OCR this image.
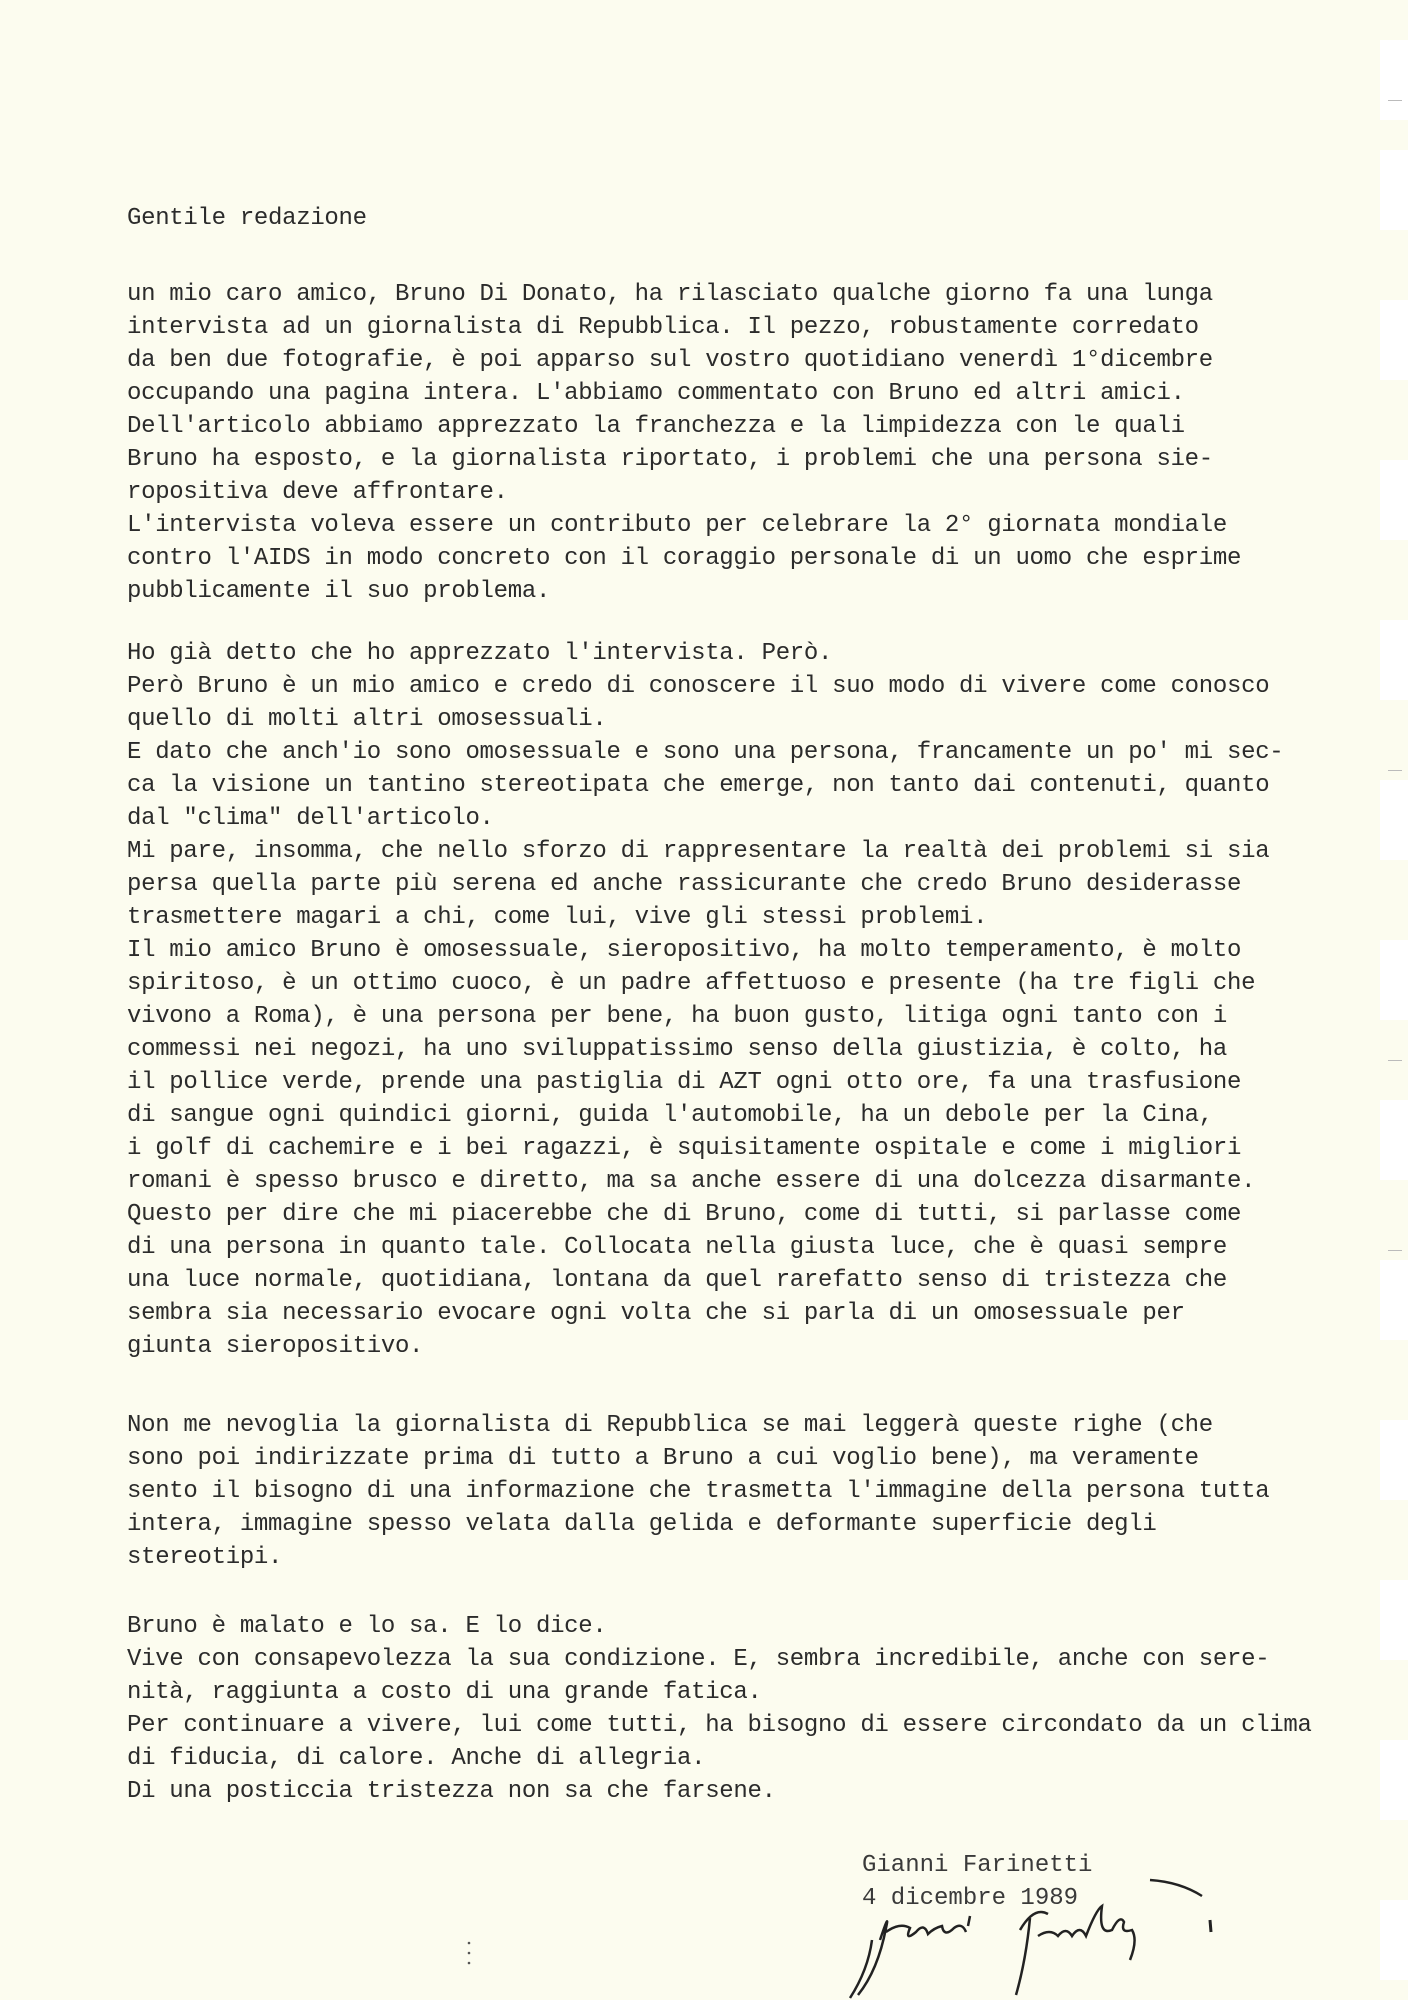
Gentile redazione
un mio caro amico, Bruno Di Donato, ha rilasciato qualche giorno fa una lunga
intervista ad un giornalista di Repubblica. Il pezzo, robustamente corredato
da ben due fotografie, è poi apparso sul vostro quotidiano venerdì 1°dicembre
occupando una pagina intera. L'abbiamo commentato con Bruno ed altri amici.
Dell'articolo abbiamo apprezzato la franchezza e la limpidezza con le quali
Bruno ha esposto, e la giornalista riportato, i problemi che una persona sie-
ropositiva deve affrontare.
L'intervista voleva essere un contributo per celebrare la 2° giornata mondiale
contro l'AIDS in modo concreto con il coraggio personale di un uomo che esprime
pubblicamente il suo problema.
Ho già detto che ho apprezzato l'intervista. Però.
Però Bruno è un mio amico e credo di conoscere il suo modo di vivere come conosco
quello di molti altri omosessuali.
E dato che anch'io sono omosessuale e sono una persona, francamente un po' mi sec-
ca la visione un tantino stereotipata che emerge, non tanto dai contenuti, quanto
dal "clima" dell'articolo.
Mi pare, insomma, che nello sforzo di rappresentare la realtà dei problemi si sia
persa quella parte più serena ed anche rassicurante che credo Bruno desiderasse
trasmettere magari a chi, come lui, vive gli stessi problemi.
Il mio amico Bruno è omosessuale, sieropositivo, ha molto temperamento, è molto
spiritoso, è un ottimo cuoco, è un padre affettuoso e presente (ha tre figli che
vivono a Roma), è una persona per bene, ha buon gusto, litiga ogni tanto con i
commessi nei negozi, ha uno sviluppatissimo senso della giustizia, è colto, ha
il pollice verde, prende una pastiglia di AZT ogni otto ore, fa una trasfusione
di sangue ogni quindici giorni, guida l'automobile, ha un debole per la Cina,
i golf di cachemire e i bei ragazzi, è squisitamente ospitale e come i migliori
romani è spesso brusco e diretto, ma sa anche essere di una dolcezza disarmante.
Questo per dire che mi piacerebbe che di Bruno, come di tutti, si parlasse come
di una persona in quanto tale. Collocata nella giusta luce, che è quasi sempre
una luce normale, quotidiana, lontana da quel rarefatto senso di tristezza che
sembra sia necessario evocare ogni volta che si parla di un omosessuale per
giunta sieropositivo.
Non me nevoglia la giornalista di Repubblica se mai leggerà queste righe (che
sono poi indirizzate prima di tutto a Bruno a cui voglio bene), ma veramente
sento il bisogno di una informazione che trasmetta l'immagine della persona tutta
intera, immagine spesso velata dalla gelida e deformante superficie degli
stereotipi.
Bruno è malato e lo sa. E lo dice.
Vive con consapevolezza la sua condizione. E, sembra incredibile, anche con sere-
nità, raggiunta a costo di una grande fatica.
Per continuare a vivere, lui come tutti, ha bisogno di essere circondato da un clima
di fiducia, di calore. Anche di allegria.
Di una posticcia tristezza non sa che farsene.
Gianni Farinetti
4 dicembre 1989
